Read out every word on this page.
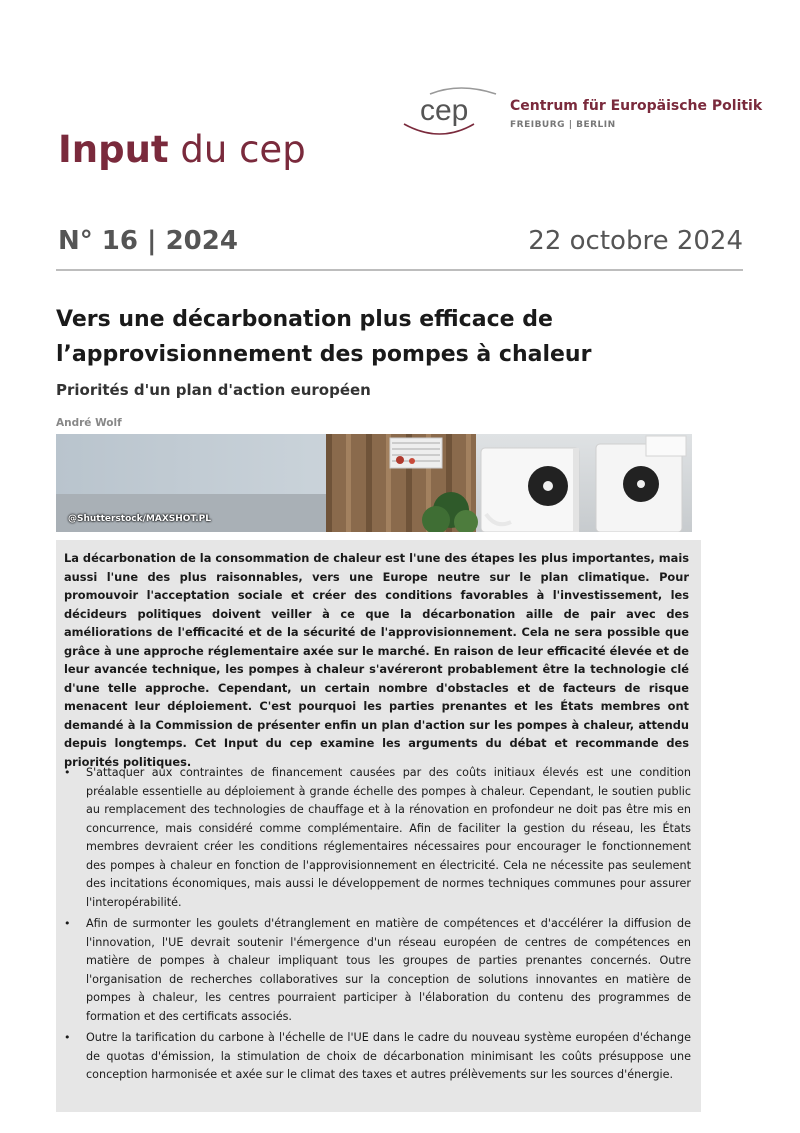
cep	Centrum für Europäische Politik
FREIBURG | BERLIN
Input du cep
N° 16 | 2024	22 octobre 2024
Vers une décarbonation plus efficace de l’approvisionnement des pompes à chaleur
Priorités d'un plan d'action européen
André Wolf
@Shutterstock/MAXSHOT.PL

La décarbonation de la consommation de chaleur est l'une des étapes les plus importantes, mais aussi l'une des plus raisonnables, vers une Europe neutre sur le plan climatique. Pour promouvoir l'acceptation sociale et créer des conditions favorables à l'investissement, les décideurs politiques doivent veiller à ce que la décarbonation aille de pair avec des améliorations de l'efficacité et de la sécurité de l'approvisionnement. Cela ne sera possible que grâce à une approche réglementaire axée sur le marché. En raison de leur efficacité élevée et de leur avancée technique, les pompes à chaleur s'avéreront probablement être la technologie clé d'une telle approche. Cependant, un certain nombre d'obstacles et de facteurs de risque menacent leur déploiement. C'est pourquoi les parties prenantes et les États membres ont demandé à la Commission de présenter enfin un plan d'action sur les pompes à chaleur, attendu depuis longtemps. Cet Input du cep examine les arguments du débat et recommande des priorités politiques.

• S'attaquer aux contraintes de financement causées par des coûts initiaux élevés est une condition préalable essentielle au déploiement à grande échelle des pompes à chaleur. Cependant, le soutien public au remplacement des technologies de chauffage et à la rénovation en profondeur ne doit pas être mis en concurrence, mais considéré comme complémentaire. Afin de faciliter la gestion du réseau, les États membres devraient créer les conditions réglementaires nécessaires pour encourager le fonctionnement des pompes à chaleur en fonction de l'approvisionnement en électricité. Cela ne nécessite pas seulement des incitations économiques, mais aussi le développement de normes techniques communes pour assurer l'interopérabilité.
• Afin de surmonter les goulets d'étranglement en matière de compétences et d'accélérer la diffusion de l'innovation, l'UE devrait soutenir l'émergence d'un réseau européen de centres de compétences en matière de pompes à chaleur impliquant tous les groupes de parties prenantes concernés. Outre l'organisation de recherches collaboratives sur la conception de solutions innovantes en matière de pompes à chaleur, les centres pourraient participer à l'élaboration du contenu des programmes de formation et des certificats associés.
• Outre la tarification du carbone à l'échelle de l'UE dans le cadre du nouveau système européen d'échange de quotas d'émission, la stimulation de choix de décarbonation minimisant les coûts présuppose une conception harmonisée et axée sur le climat des taxes et autres prélèvements sur les sources d'énergie.
